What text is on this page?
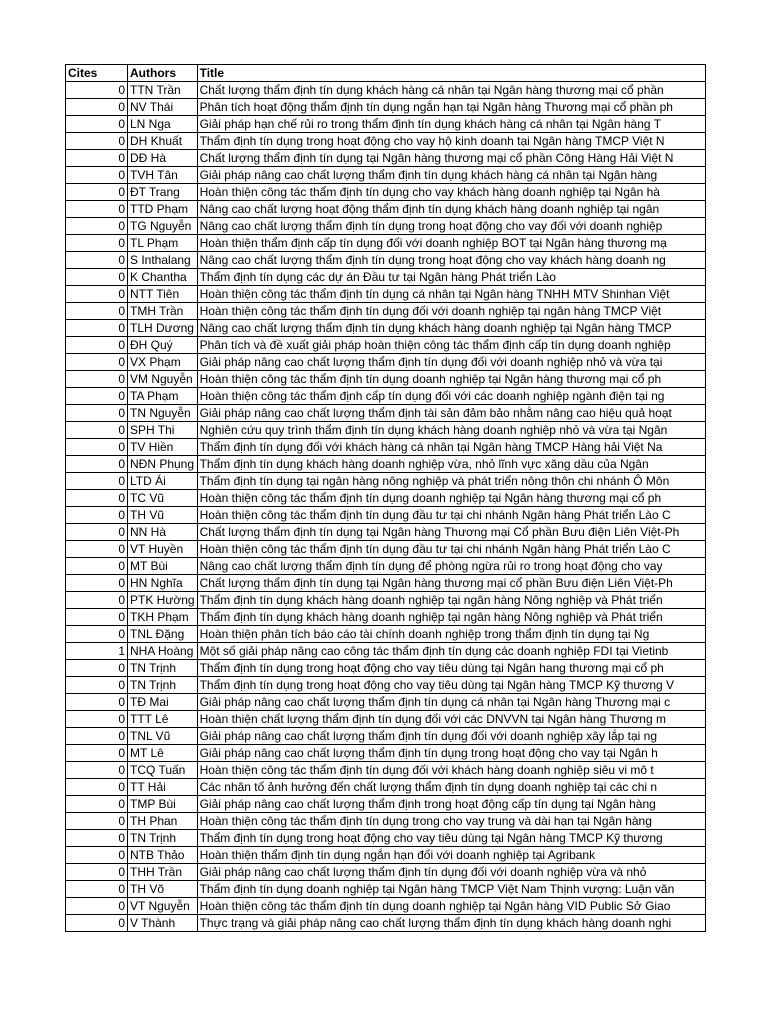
Cites	Authors	Title
0	TTN Trần	Chất lượng thẩm định tín dụng khách hàng cá nhân tại Ngân hàng thương mại cổ phần
0	NV Thái	Phân tích hoạt động thẩm định tín dụng ngắn hạn tại Ngân hàng Thương mại cổ phần ph
0	LN Nga	Giải pháp hạn chế rủi ro trong thẩm định tín dụng khách hàng cá nhân tại Ngân hàng T
0	DH Khuất	Thẩm định tín dụng trong hoạt động cho vay hộ kinh doanh tại Ngân hàng TMCP Việt N
0	DĐ Hà	Chất lượng thẩm định tín dụng tại Ngân hàng thương mại cổ phần Công Hàng Hải Việt N
0	TVH Tân	Giải pháp nâng cao chất lượng thẩm định tín dụng khách hàng cá nhân tại Ngân hàng
0	ĐT Trang	Hoàn thiện công tác thẩm định tín dụng cho vay khách hàng doanh nghiệp tại Ngân hà
0	TTD Phạm	Nâng cao chất lượng hoạt động thẩm định tín dụng khách hàng doanh nghiệp tại ngân
0	TG Nguyễn	Nâng cao chất lượng thẩm định tín dụng trong hoạt động cho vay đối với doanh nghiệp
0	TL Phạm	Hoàn thiện thẩm định cấp tín dụng đối với doanh nghiệp BOT tại Ngân hàng thương mạ
0	S Inthalang	Nâng cao chất lượng thẩm định tín dụng trong hoạt động cho vay khách hàng doanh ng
0	K Chantha	Thẩm định tín dụng các dự án Đầu tư tại Ngân hàng Phát triển Lào
0	NTT Tiên	Hoàn thiện công tác thẩm định tín dụng cá nhân tại Ngân hàng TNHH MTV Shinhan Việt
0	TMH Trần	Hoàn thiện công tác thẩm định tín dụng đối với doanh nghiệp tại ngân hàng TMCP Việt
0	TLH Dương	Nâng cao chất lượng thẩm định tín dụng khách hàng doanh nghiệp tại Ngân hàng TMCP
0	ĐH Quý	Phân tích và đề xuất giải pháp hoàn thiện công tác thẩm định cấp tín dụng doanh nghiệp
0	VX Phạm	Giải pháp nâng cao chất lượng thẩm định tín dụng đối với doanh nghiệp nhỏ và vừa tại
0	VM Nguyễn	Hoàn thiện công tác thẩm định tín dụng doanh nghiệp tại Ngân hàng thương mại cổ ph
0	TA Phạm	Hoàn thiện công tác thẩm định cấp tín dụng đối với các doanh nghiệp ngành điện tại ng
0	TN Nguyễn	Giải pháp nâng cao chất lượng thẩm định tài sản đảm bảo nhằm nâng cao hiệu quả hoạt
0	SPH Thi	Nghiên cứu quy trình thẩm định tín dụng khách hàng doanh nghiệp nhỏ và vừa tại Ngân
0	TV Hiền	Thẩm định tín dụng đối với khách hàng cá nhân tại Ngân hàng TMCP Hàng hải Việt Na
0	NĐN Phụng	Thẩm định tín dụng khách hàng doanh nghiệp vừa, nhỏ lĩnh vực xăng dầu của Ngân
0	LTD Ái	Thẩm định tín dụng tại ngân hàng nông nghiệp và phát triển nông thôn chi nhánh Ô Môn
0	TC Vũ	Hoàn thiện công tác thẩm định tín dụng doanh nghiệp tại Ngân hàng thương mại cổ ph
0	TH Vũ	Hoàn thiện công tác thẩm định tín dụng đầu tư tại chi nhánh Ngân hàng Phát triển Lào C
0	NN Hà	Chất lượng thẩm định tín dụng tại Ngân hàng Thương mại Cổ phần Bưu điện Liên Việt-Ph
0	VT Huyền	Hoàn thiện công tác thẩm định tín dụng đầu tư tại chi nhánh Ngân hàng Phát triển Lào C
0	MT Bùi	Nâng cao chất lượng thẩm định tín dụng để phòng ngừa rủi ro trong hoạt động cho vay
0	HN Nghĩa	Chất lượng thẩm định tín dụng tại Ngân hàng thương mại cổ phần Bưu điện Liên Việt-Ph
0	PTK Hường	Thẩm định tín dụng khách hàng doanh nghiệp tại ngân hàng Nông nghiệp và Phát triển
0	TKH Phạm	Thẩm định tín dụng khách hàng doanh nghiệp tại ngân hàng Nông nghiệp và Phát triển
0	TNL Đặng	Hoàn thiện phân tích báo cáo tài chính doanh nghiệp trong thẩm định tín dụng tại Ng
1	NHA Hoàng	Một số giải pháp nâng cao công tác thẩm định tín dụng các doanh nghiệp FDI tại Vietinb
0	TN Trịnh	Thẩm định tín dụng trong hoạt động cho vay tiêu dùng tại Ngân hang thương mại cổ ph
0	TN Trịnh	Thẩm định tín dụng trong hoạt động cho vay tiêu dùng tại Ngân hàng TMCP Kỹ thương V
0	TĐ Mai	Giải pháp nâng cao chất lượng thẩm định tín dụng cá nhân tại Ngân hàng Thương mại c
0	TTT Lê	Hoàn thiện chất lượng thẩm định tín dụng đối với các DNVVN tại Ngân hàng Thương m
0	TNL Vũ	Giải pháp nâng cao chất lượng thẩm định tín dụng đối với doanh nghiệp xây lắp tại ng
0	MT Lê	Giải pháp nâng cao chất lượng thẩm định tín dụng trong hoạt động cho vay tại Ngân h
0	TCQ Tuấn	Hoàn thiện công tác thẩm định tín dụng đối với khách hàng doanh nghiệp siêu vi mô t
0	TT Hải	Các nhân tố ảnh hưởng đến chất lượng thẩm định tín dụng doanh nghiệp tại các chi n
0	TMP Bùi	Giải pháp nâng cao chất lượng thẩm định trong hoạt động cấp tín dụng tại Ngân hàng
0	TH Phan	Hoàn thiện công tác thẩm định tín dụng trong cho vay trung và dài hạn tại Ngân hàng
0	TN Trịnh	Thẩm định tín dụng trong hoạt động cho vay tiêu dùng tại Ngân hàng TMCP Kỹ thương
0	NTB Thảo	Hoàn thiện thẩm định tín dụng ngắn hạn đối với doanh nghiệp tại Agribank
0	THH Trần	Giải pháp nâng cao chất lượng thẩm định tín dụng đối với doanh nghiệp vừa và nhỏ
0	TH Võ	Thẩm định tín dụng doanh nghiệp tại Ngân hàng TMCP Việt Nam Thịnh vượng: Luận văn
0	VT Nguyễn	Hoàn thiện công tác thẩm định tín dụng doanh nghiệp tại Ngân hàng VID Public Sở Giao
0	V Thành	Thực trạng và giải pháp nâng cao chất lượng thẩm định tín dụng khách hàng doanh nghi
